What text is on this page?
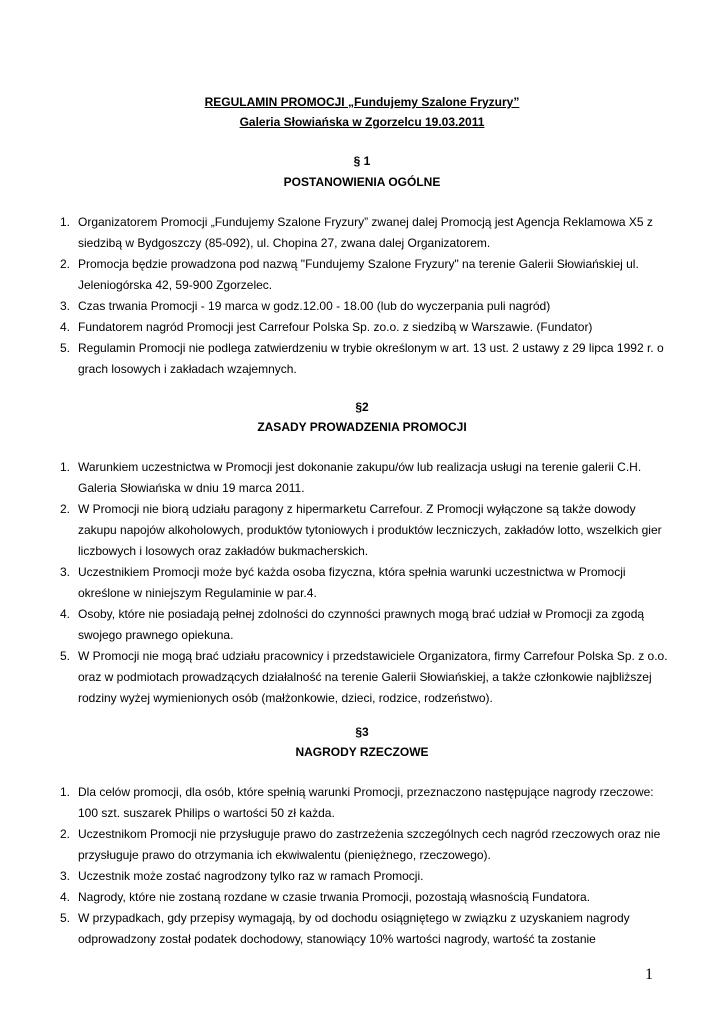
REGULAMIN PROMOCJI „Fundujemy Szalone Fryzury”
Galeria Słowiańska w Zgorzelcu 19.03.2011
§ 1
POSTANOWIENIA OGÓLNE
1. Organizatorem Promocji „Fundujemy Szalone Fryzury” zwanej dalej Promocją jest Agencja Reklamowa X5 z siedzibą w Bydgoszczy (85-092), ul. Chopina 27, zwana dalej Organizatorem.
2. Promocja będzie prowadzona pod nazwą "Fundujemy Szalone Fryzury" na terenie Galerii Słowiańskiej ul. Jeleniogórska 42, 59-900 Zgorzelec.
3. Czas trwania Promocji - 19 marca w godz.12.00 - 18.00 (lub do wyczerpania puli nagród)
4. Fundatorem nagród Promocji jest Carrefour Polska Sp. zo.o. z siedzibą w Warszawie. (Fundator)
5. Regulamin Promocji nie podlega zatwierdzeniu w trybie określonym w art. 13 ust. 2 ustawy z 29 lipca 1992 r. o grach losowych i zakładach wzajemnych.
§2
ZASADY PROWADZENIA PROMOCJI
1. Warunkiem uczestnictwa w Promocji jest dokonanie zakupu/ów lub realizacja usługi na terenie galerii C.H. Galeria Słowiańska w dniu 19 marca 2011.
2. W Promocji nie biorą udziału paragony z hipermarketu Carrefour. Z Promocji wyłączone są także dowody zakupu napojów alkoholowych, produktów tytoniowych i produktów leczniczych, zakładów lotto, wszelkich gier liczbowych i losowych oraz zakładów bukmacherskich.
3. Uczestnikiem Promocji może być każda osoba fizyczna, która spełnia warunki uczestnictwa w Promocji określone w niniejszym Regulaminie w par.4.
4. Osoby, które nie posiadają pełnej zdolności do czynności prawnych mogą brać udział w Promocji za zgodą swojego prawnego opiekuna.
5. W Promocji nie mogą brać udziału pracownicy i przedstawiciele Organizatora, firmy Carrefour Polska Sp. z o.o. oraz w podmiotach prowadzących działalność na terenie Galerii Słowiańskiej, a także członkowie najbliższej rodziny wyżej wymienionych osób (małżonkowie, dzieci, rodzice, rodzeństwo).
§3
NAGRODY RZECZOWE
1. Dla celów promocji, dla osób, które spełnią warunki Promocji, przeznaczono następujące nagrody rzeczowe: 100 szt. suszarek Philips o wartości 50 zł każda.
2. Uczestnikom Promocji nie przysługuje prawo do zastrzeżenia szczególnych cech nagród rzeczowych oraz nie przysługuje prawo do otrzymania ich ekwiwalentu (pieniężnego, rzeczowego).
3. Uczestnik może zostać nagrodzony tylko raz w ramach Promocji.
4. Nagrody, które nie zostaną rozdane w czasie trwania Promocji, pozostają własnością Fundatora.
5. W przypadkach, gdy przepisy wymagają, by od dochodu osiągniętego w związku z uzyskaniem nagrody odprowadzony został podatek dochodowy, stanowiący 10% wartości nagrody, wartość ta zostanie
1
